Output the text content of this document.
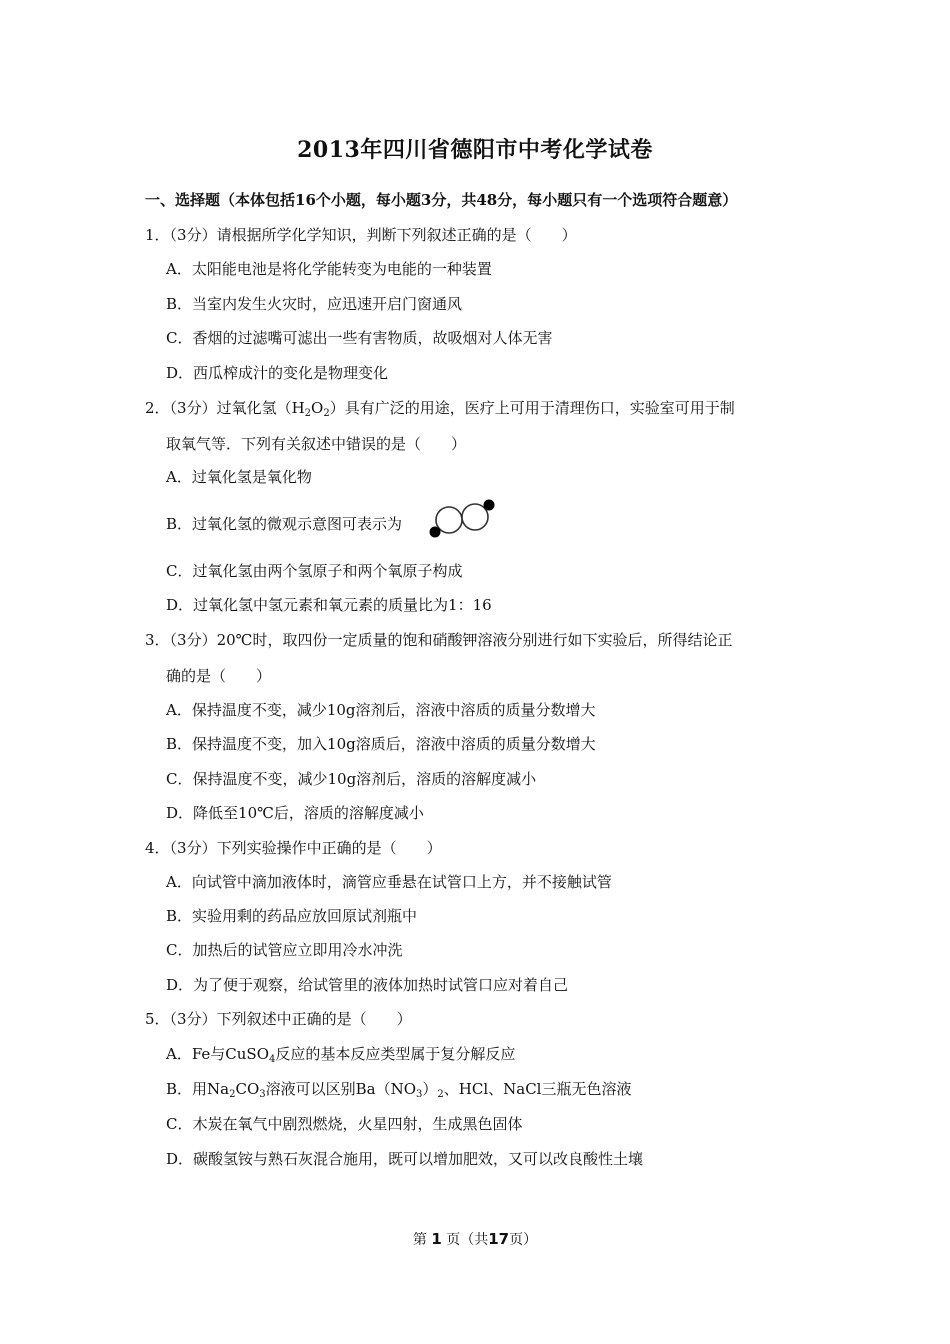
2013年四川省德阳市中考化学试卷
一、选择题（本体包括16个小题，每小题3分，共48分，每小题只有一个选项符合题意）
1．（3分）请根据所学化学知识，判断下列叙述正确的是（　　）
A．太阳能电池是将化学能转变为电能的一种装置
B．当室内发生火灾时，应迅速开启门窗通风
C．香烟的过滤嘴可滤出一些有害物质，故吸烟对人体无害
D．西瓜榨成汁的变化是物理变化
2．（3分）过氧化氢$(H_2O_2)$具有广泛的用途，医疗上可用于清理伤口，实验室可用于制
取氧气等．下列有关叙述中错误的是（　　）
A．过氧化氢是氧化物
B．过氧化氢的微观示意图可表示为
C．过氧化氢由两个氢原子和两个氧原子构成
D．过氧化氢中氢元素和氧元素的质量比为1：16
3．（3分）20℃时，取四份一定质量的饱和硝酸钾溶液分别进行如下实验后，所得结论正
确的是（　　）
A．保持温度不变，减少10g溶剂后，溶液中溶质的质量分数增大
B．保持温度不变，加入10g溶质后，溶液中溶质的质量分数增大
C．保持温度不变，减少10g溶剂后，溶质的溶解度减小
D．降低至10℃后，溶质的溶解度减小
4．（3分）下列实验操作中正确的是（　　）
A．向试管中滴加液体时，滴管应垂悬在试管口上方，并不接触试管
B．实验用剩的药品应放回原试剂瓶中
C．加热后的试管应立即用冷水冲洗
D．为了便于观察，给试管里的液体加热时试管口应对着自己
5．（3分）下列叙述中正确的是（　　）
A．Fe与CuSO$_4$反应的基本反应类型属于复分解反应
B．用$Na_2CO_3$溶液可以区别$Ba(NO_3)_2$、HCl、NaCl三瓶无色溶液
C．木炭在氧气中剧烈燃烧，火星四射，生成黑色固体
D．碳酸氢铵与熟石灰混合施用，既可以增加肥效，又可以改良酸性土壤
第 1 页（共17页）
